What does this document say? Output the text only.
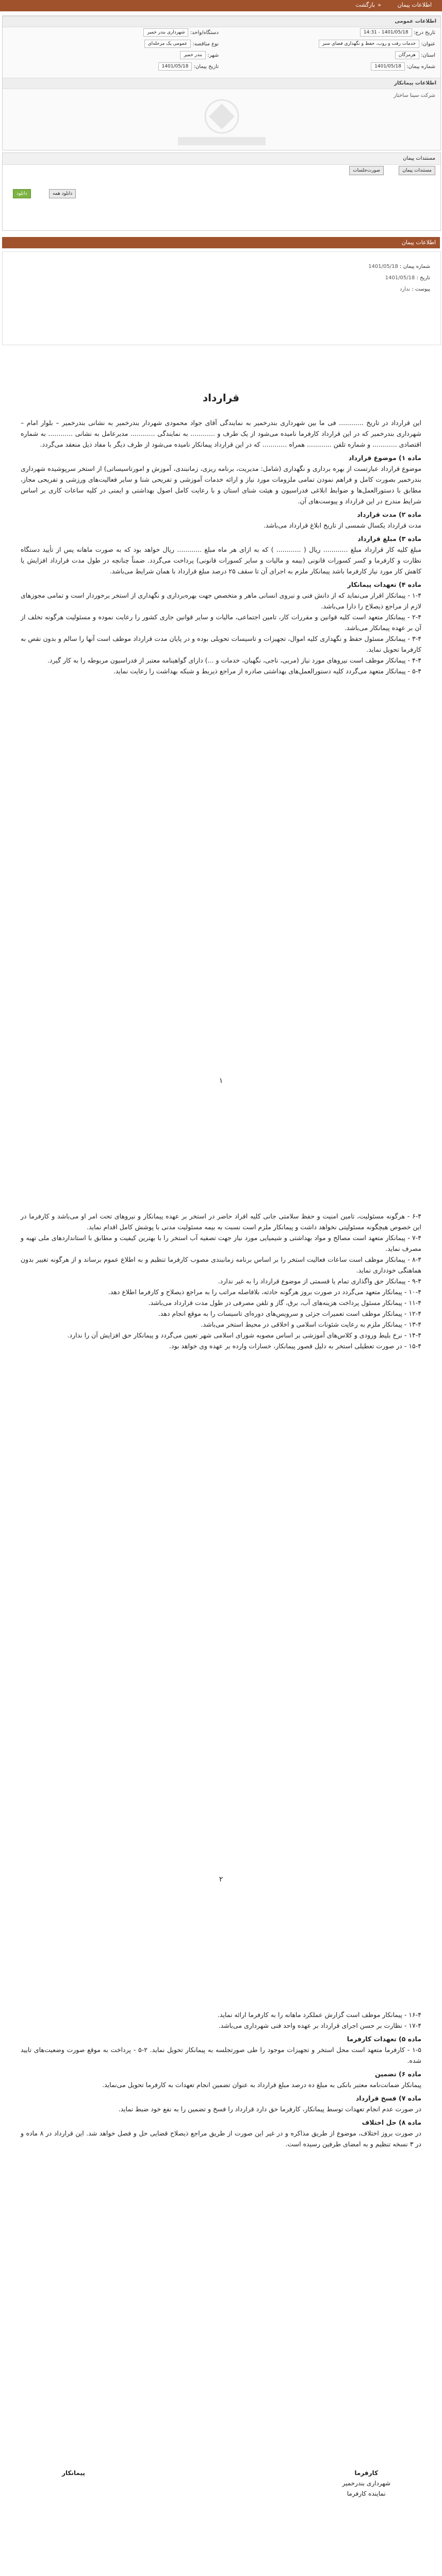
اطلاعات پیمان
»
بازگشت
اطلاعات عمومی
تاریخ درج: 1401/05/18 - 14:31
دستگاه/واحد: شهرداری بندر خمیر
عنوان: خدمات رفت و روب، حفظ و نگهداری فضای سبز
نوع مناقصه: عمومی یک مرحله‌ای
استان: هرمزگان
شهر: بندر خمیر
شماره پیمان: 1401/05/18
تاریخ پیمان: 1401/05/18
اطلاعات پیمانکار
شرکت سینا ساختار
مستندات پیمان
مستندات پیمان
صورت‌جلسات
دانلود	دانلود همه
اطلاعات پیمان
شماره پیمان : 1401/05/18
تاریخ : 1401/05/18
پیوست : ندارد
قرارداد

این قرارداد در تاریخ ............ فی ما بین شهرداری بندرخمیر به نمایندگی آقای جواد محمودی شهردار بندرخمیر به نشانی بندرخمیر – بلوار امام – شهرداری بندرخمیر که در این قرارداد کارفرما نامیده می‌شود از یک طرف و ............ به نمایندگی ............ مدیرعامل به نشانی ............ به شماره اقتصادی ............ و شماره تلفن ............ همراه ............ که در این قرارداد پیمانکار نامیده می‌شود از طرف دیگر با مفاد ذیل منعقد می‌گردد.

ماده ۱) موضوع قرارداد

موضوع قرارداد عبارتست از بهره برداری و نگهداری (شامل: مدیریت، برنامه ریزی، زمانبندی، آموزش و امورتاسیساتی) از استخر سرپوشیده شهرداری بندرخمیر بصورت کامل و فراهم نمودن تمامی ملزومات مورد نیاز و ارائه خدمات آموزشی و تفریحی شنا و سایر فعالیت‌های ورزشی و تفریحی مجاز، مطابق با دستورالعمل‌ها و ضوابط ابلاغی فدراسیون و هیئت شنای استان و با رعایت کامل اصول بهداشتی و ایمنی در کلیه ساعات کاری بر اساس شرایط مندرج در این قرارداد و پیوست‌های آن.

ماده ۲) مدت قرارداد

مدت قرارداد یکسال شمسی از تاریخ ابلاغ قرارداد می‌باشد.

ماده ۳) مبلغ قرارداد

مبلغ کلیه کار قرارداد مبلغ ............ ریال ( ............ ) که به ازای هر ماه مبلغ ............ ریال خواهد بود که به صورت ماهانه پس از تأیید دستگاه نظارت و کارفرما و کسر کسورات قانونی (بیمه و مالیات و سایر کسورات قانونی) پرداخت می‌گردد. ضمناً چنانچه در طول مدت قرارداد افزایش یا کاهش کار مورد نیاز کارفرما باشد پیمانکار ملزم به اجرای آن تا سقف ۲۵ درصد مبلغ قرارداد با همان شرایط می‌باشد.

ماده ۴) تعهدات پیمانکار

۱-۴ - پیمانکار اقرار می‌نماید که از دانش فنی و نیروی انسانی ماهر و متخصص جهت بهره‌برداری و نگهداری از استخر برخوردار است و تمامی مجوزهای لازم از مراجع ذیصلاح را دارا می‌باشد.

۲-۴ - پیمانکار متعهد است کلیه قوانین و مقررات کار، تامین اجتماعی، مالیات و سایر قوانین جاری کشور را رعایت نموده و مسئولیت هرگونه تخلف از آن بر عهده پیمانکار می‌باشد.

۳-۴ - پیمانکار مسئول حفظ و نگهداری کلیه اموال، تجهیزات و تاسیسات تحویلی بوده و در پایان مدت قرارداد موظف است آنها را سالم و بدون نقص به کارفرما تحویل نماید.

۴-۴ - پیمانکار موظف است نیروهای مورد نیاز (مربی، ناجی، نگهبان، خدمات و ...) دارای گواهینامه معتبر از فدراسیون مربوطه را به کار گیرد.

۵-۴ - پیمانکار متعهد می‌گردد کلیه دستورالعمل‌های بهداشتی صادره از مراجع ذیربط و شبکه بهداشت را رعایت نماید.

۱

۶-۴ - هرگونه مسئولیت، تامین امنیت و حفظ سلامتی جانی کلیه افراد حاضر در استخر بر عهده پیمانکار و نیروهای تحت امر او می‌باشد و کارفرما در این خصوص هیچگونه مسئولیتی نخواهد داشت و پیمانکار ملزم است نسبت به بیمه مسئولیت مدنی با پوشش کامل اقدام نماید.

۷-۴ - پیمانکار متعهد است مصالح و مواد بهداشتی و شیمیایی مورد نیاز جهت تصفیه آب استخر را با بهترین کیفیت و مطابق با استانداردهای ملی تهیه و مصرف نماید.

۸-۴ - پیمانکار موظف است ساعات فعالیت استخر را بر اساس برنامه زمانبندی مصوب کارفرما تنظیم و به اطلاع عموم برساند و از هرگونه تغییر بدون هماهنگی خودداری نماید.

۹-۴ - پیمانکار حق واگذاری تمام یا قسمتی از موضوع قرارداد را به غیر ندارد.

۱۰-۴ - پیمانکار متعهد می‌گردد در صورت بروز هرگونه حادثه، بلافاصله مراتب را به مراجع ذیصلاح و کارفرما اطلاع دهد.

۱۱-۴ - پیمانکار مسئول پرداخت هزینه‌های آب، برق، گاز و تلفن مصرفی در طول مدت قرارداد می‌باشد.

۱۲-۴ - پیمانکار موظف است تعمیرات جزئی و سرویس‌های دوره‌ای تاسیسات را به موقع انجام دهد.

۱۳-۴ - پیمانکار ملزم به رعایت شئونات اسلامی و اخلاقی در محیط استخر می‌باشد.

۱۴-۴ - نرخ بلیط ورودی و کلاس‌های آموزشی بر اساس مصوبه شورای اسلامی شهر تعیین می‌گردد و پیمانکار حق افزایش آن را ندارد.

۱۵-۴ - در صورت تعطیلی استخر به دلیل قصور پیمانکار، خسارات وارده بر عهده وی خواهد بود.

۲

۱۶-۴ - پیمانکار موظف است گزارش عملکرد ماهانه را به کارفرما ارائه نماید.

۱۷-۴ - نظارت بر حسن اجرای قرارداد بر عهده واحد فنی شهرداری می‌باشد.

ماده ۵) تعهدات کارفرما

۱-۵ - کارفرما متعهد است محل استخر و تجهیزات موجود را طی صورتجلسه به پیمانکار تحویل نماید. ۲-۵ - پرداخت به موقع صورت وضعیت‌های تایید شده.

ماده ۶) تضمین

پیمانکار ضمانت‌نامه معتبر بانکی به مبلغ ده درصد مبلغ قرارداد به عنوان تضمین انجام تعهدات به کارفرما تحویل می‌نماید.

ماده ۷) فسخ قرارداد

در صورت عدم انجام تعهدات توسط پیمانکار، کارفرما حق دارد قرارداد را فسخ و تضمین را به نفع خود ضبط نماید.

ماده ۸) حل اختلاف

در صورت بروز اختلاف، موضوع از طریق مذاکره و در غیر این صورت از طریق مراجع ذیصلاح قضایی حل و فصل خواهد شد. این قرارداد در ۸ ماده و در ۳ نسخه تنظیم و به امضای طرفین رسیده است.

کارفرما
شهرداری بندرخمیر
نماینده کارفرما
پیمانکار
